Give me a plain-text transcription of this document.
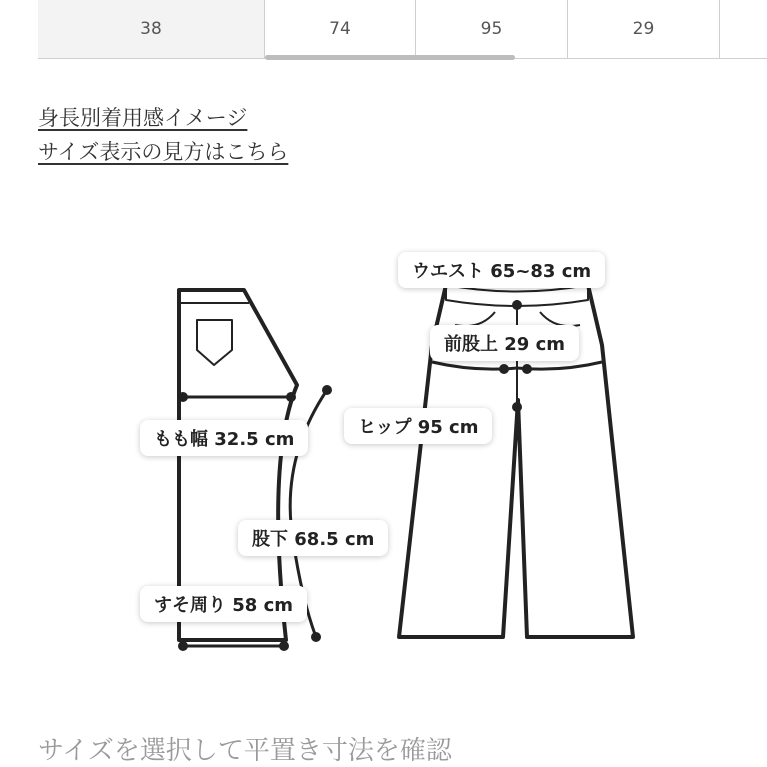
38	74	95	29
身長別着用感イメージ
サイズ表示の見方はこちら
ウエスト 65~83 cm
前股上 29 cm
ヒップ 95 cm
もも幅 32.5 cm
股下 68.5 cm
すそ周り 58 cm
サイズを選択して平置き寸法を確認
